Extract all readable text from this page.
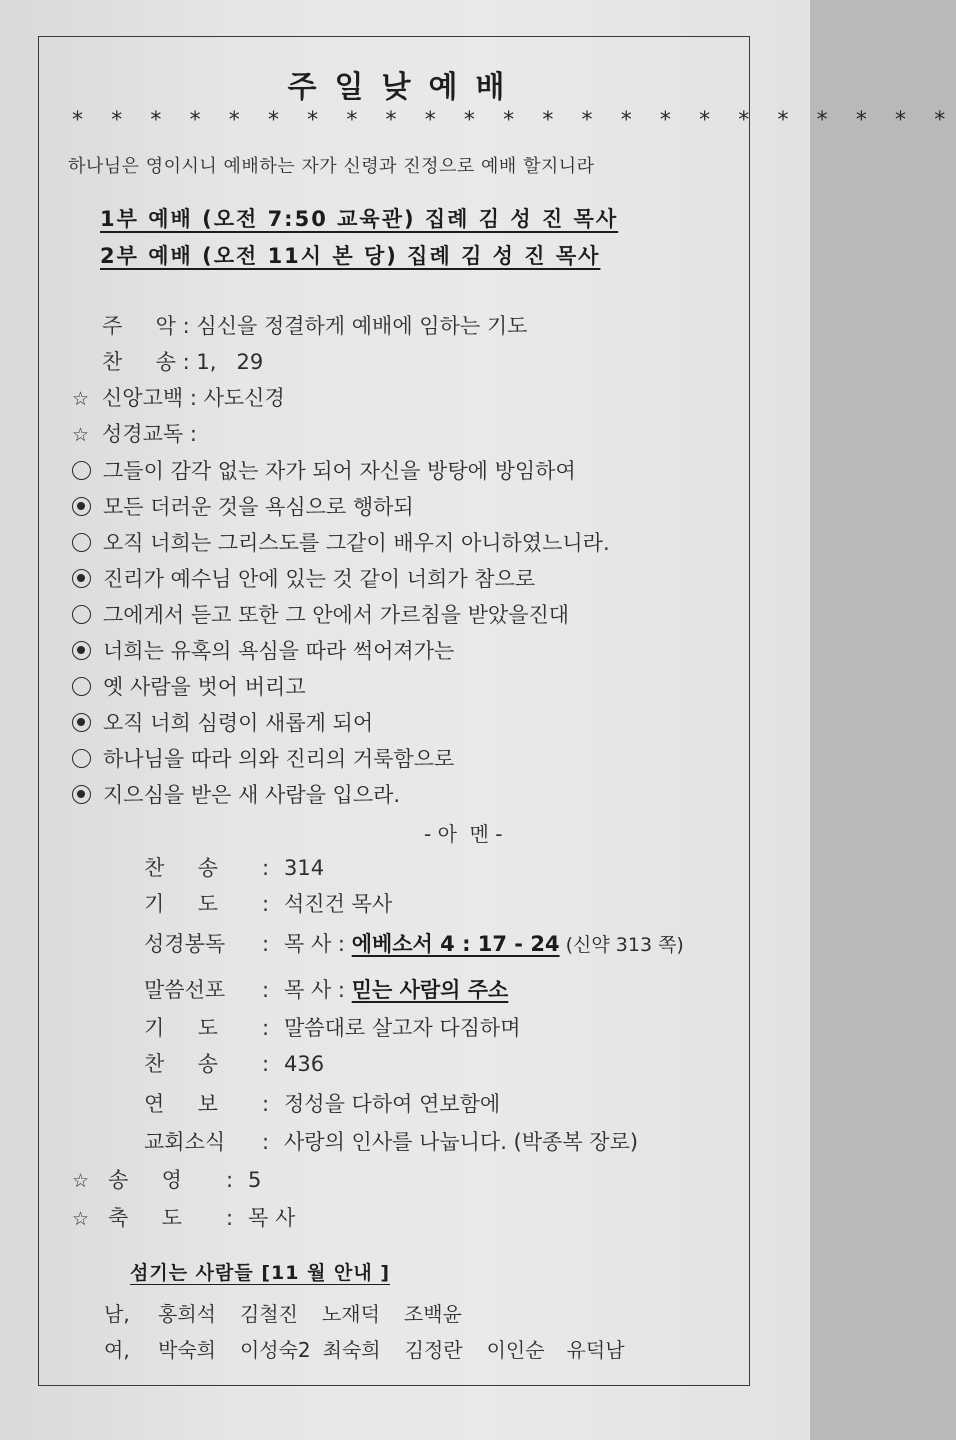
주일낮예배
* * * * * * * * * * * * * * * * * * * * * * *
하나님은 영이시니 예배하는 자가 신령과 진정으로 예배 할지니라
1부 예배 (오전 7:50 교육관) 집례 김 성 진 목사
2부 예배 (오전 11시 본 당) 집례 김 성 진 목사
주     악 : 심신을 정결하게 예배에 임하는 기도
찬     송 : 1,   29
☆ 신앙고백 : 사도신경
☆ 성경교독 :
그들이 감각 없는 자가 되어 자신을 방탕에 방임하여
모든 더러운 것을 욕심으로 행하되
오직 너희는 그리스도를 그같이 배우지 아니하였느니라.
진리가 예수님 안에 있는 것 같이 너희가 참으로
그에게서 듣고 또한 그 안에서 가르침을 받았을진대
너희는 유혹의 욕심을 따라 썩어져가는
옛 사람을 벗어 버리고
오직 너희 심령이 새롭게 되어
하나님을 따라 의와 진리의 거룩함으로
지으심을 받은 새 사람을 입으라.
- 아  멘 -
찬     송 : 314
기     도 : 석진건 목사
성경봉독 : 목 사 : 에베소서 4 : 17 - 24 (신약 313 쪽)
말씀선포 : 목 사 : 믿는 사람의 주소
기     도 : 말씀대로 살고자 다짐하며
찬     송 : 436
연     보 : 정성을 다하여 연보함에
교회소식 : 사랑의 인사를 나눕니다. (박종복 장로)
☆ 송     영 : 5
☆ 축     도 : 목 사
섬기는 사람들 [11 월 안내 ]
남, 홍희석 김철진 노재덕 조백윤
여, 박숙희 이성숙2 최숙희 김정란 이인순 유덕남
